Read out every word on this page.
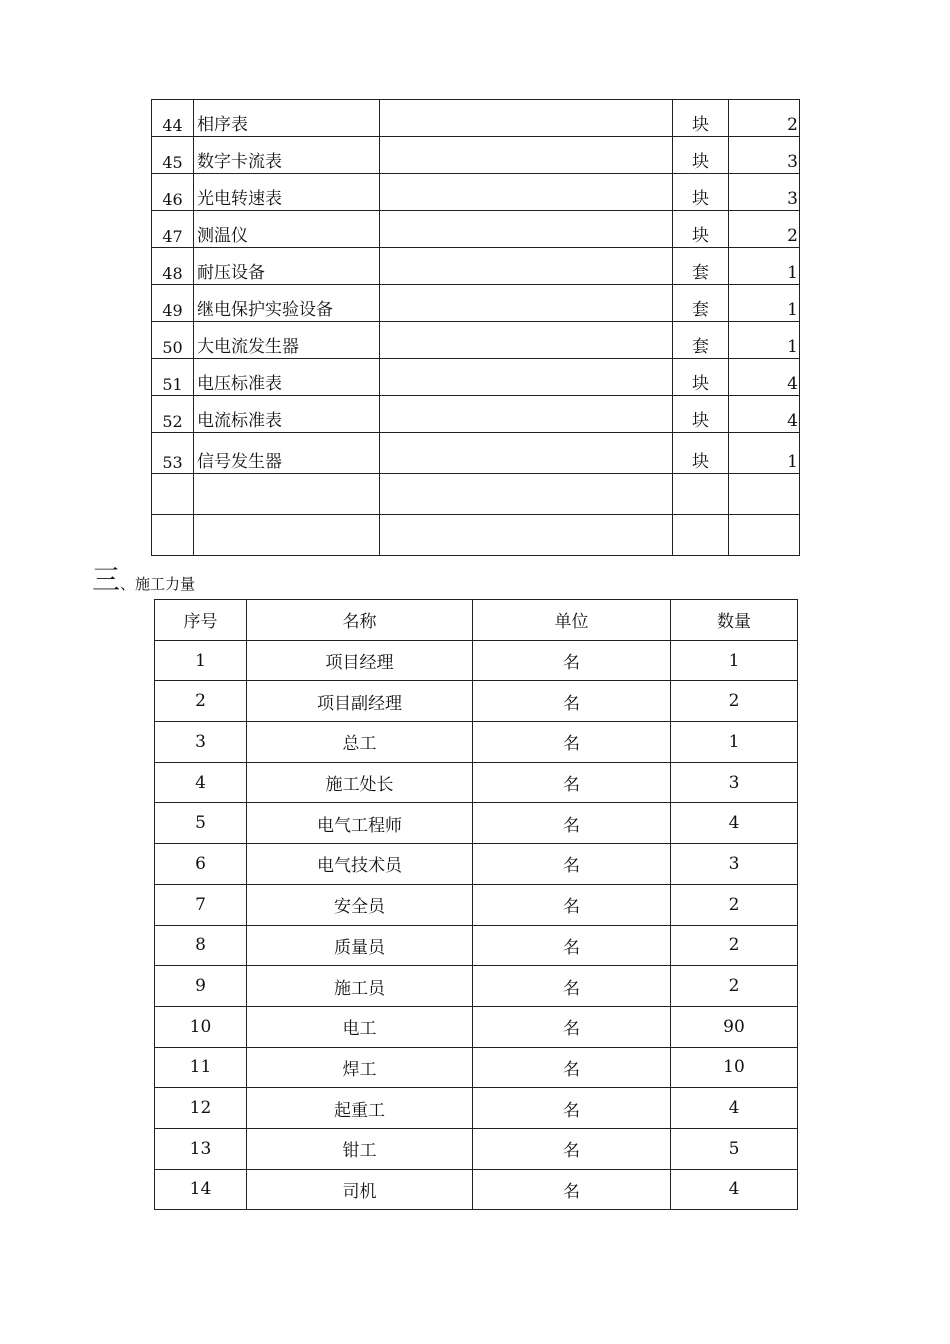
44	相序表		块	2
45	数字卡流表		块	3
46	光电转速表		块	3
47	测温仪		块	2
48	耐压设备		套	1
49	继电保护实验设备		套	1
50	大电流发生器		套	1
51	电压标准表		块	4
52	电流标准表		块	4
53	信号发生器		块	1

三、施工力量
序号	名称	单位	数量
1	项目经理	名	1
2	项目副经理	名	2
3	总工	名	1
4	施工处长	名	3
5	电气工程师	名	4
6	电气技术员	名	3
7	安全员	名	2
8	质量员	名	2
9	施工员	名	2
10	电工	名	90
11	焊工	名	10
12	起重工	名	4
13	钳工	名	5
14	司机	名	4
